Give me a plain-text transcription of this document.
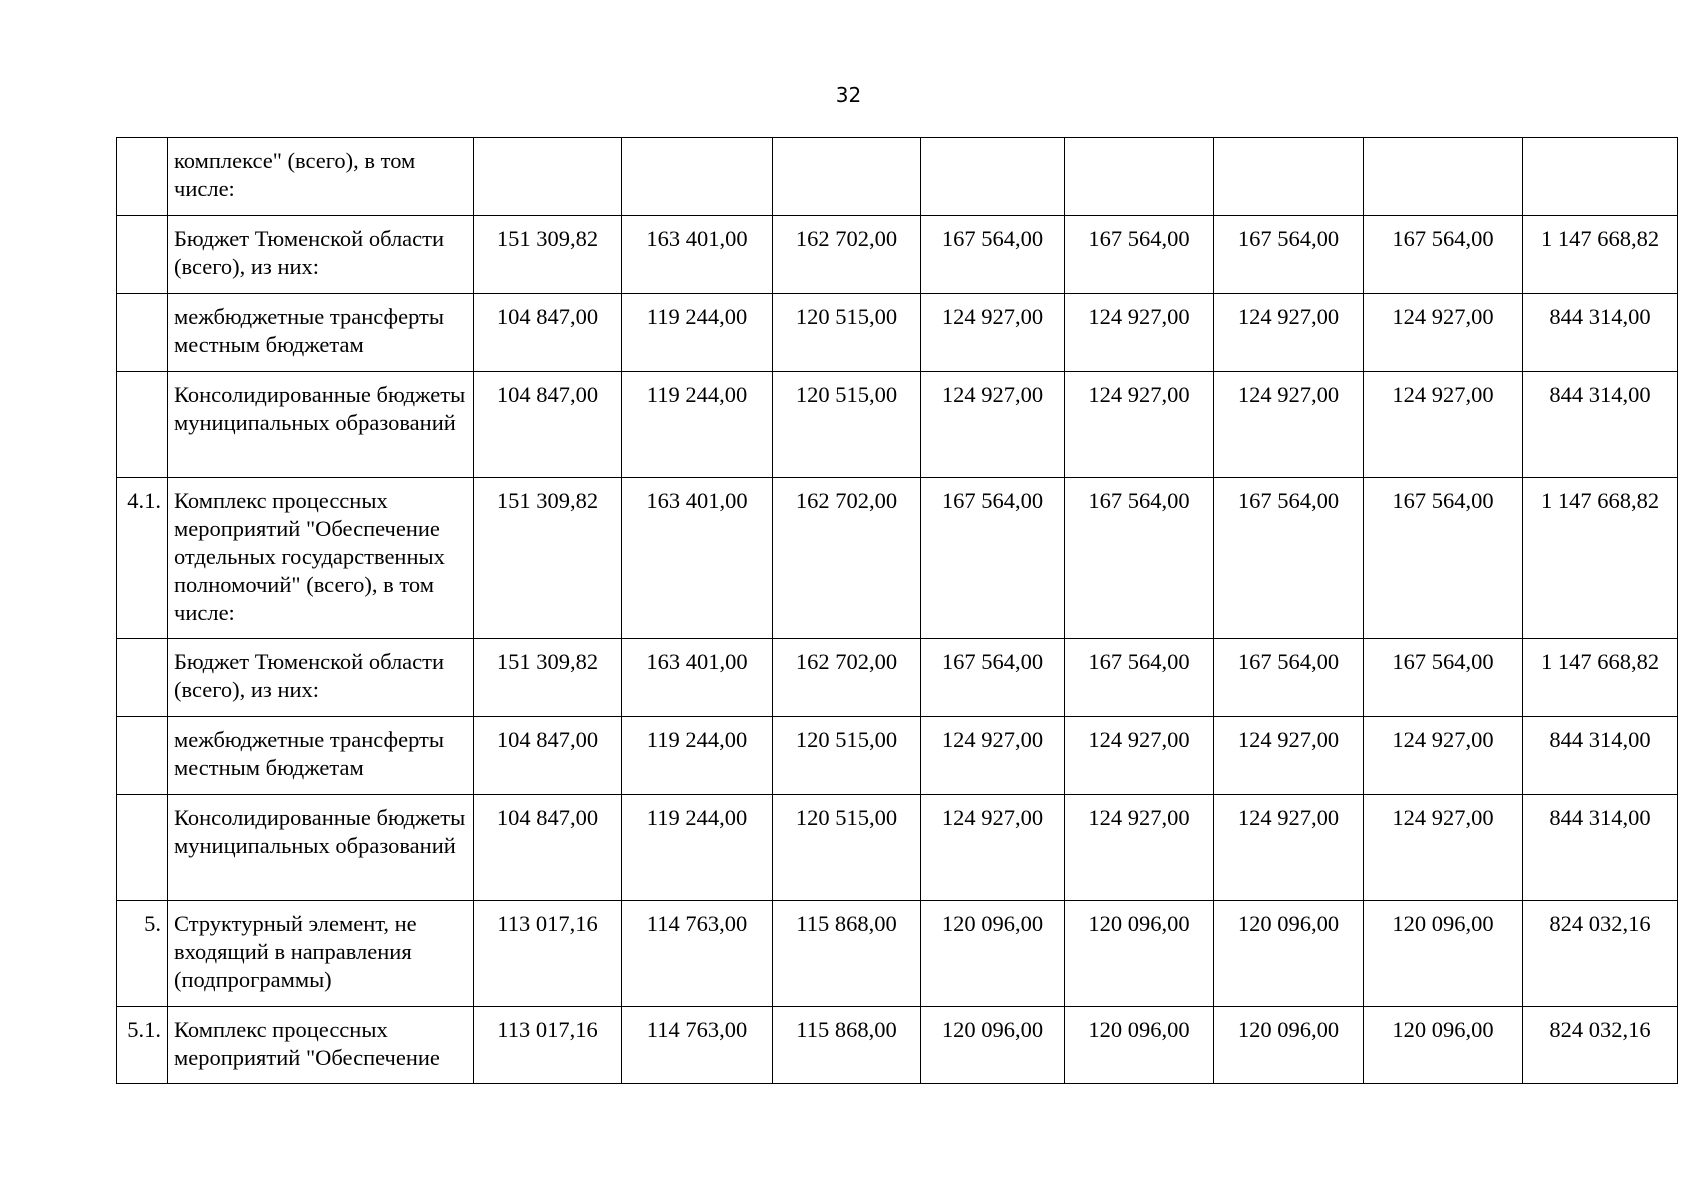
32
	комплексе" (всего), в том числе:								
	Бюджет Тюменской области (всего), из них:	151 309,82	163 401,00	162 702,00	167 564,00	167 564,00	167 564,00	167 564,00	1 147 668,82
	межбюджетные трансферты местным бюджетам	104 847,00	119 244,00	120 515,00	124 927,00	124 927,00	124 927,00	124 927,00	844 314,00
	Консолидированные бюджеты муниципальных образований	104 847,00	119 244,00	120 515,00	124 927,00	124 927,00	124 927,00	124 927,00	844 314,00
4.1.	Комплекс процессных мероприятий "Обеспечение отдельных государственных полномочий" (всего), в том числе:	151 309,82	163 401,00	162 702,00	167 564,00	167 564,00	167 564,00	167 564,00	1 147 668,82
	Бюджет Тюменской области (всего), из них:	151 309,82	163 401,00	162 702,00	167 564,00	167 564,00	167 564,00	167 564,00	1 147 668,82
	межбюджетные трансферты местным бюджетам	104 847,00	119 244,00	120 515,00	124 927,00	124 927,00	124 927,00	124 927,00	844 314,00
	Консолидированные бюджеты муниципальных образований	104 847,00	119 244,00	120 515,00	124 927,00	124 927,00	124 927,00	124 927,00	844 314,00
5.	Структурный элемент, не входящий в направления (подпрограммы)	113 017,16	114 763,00	115 868,00	120 096,00	120 096,00	120 096,00	120 096,00	824 032,16
5.1.	Комплекс процессных мероприятий "Обеспечение	113 017,16	114 763,00	115 868,00	120 096,00	120 096,00	120 096,00	120 096,00	824 032,16
